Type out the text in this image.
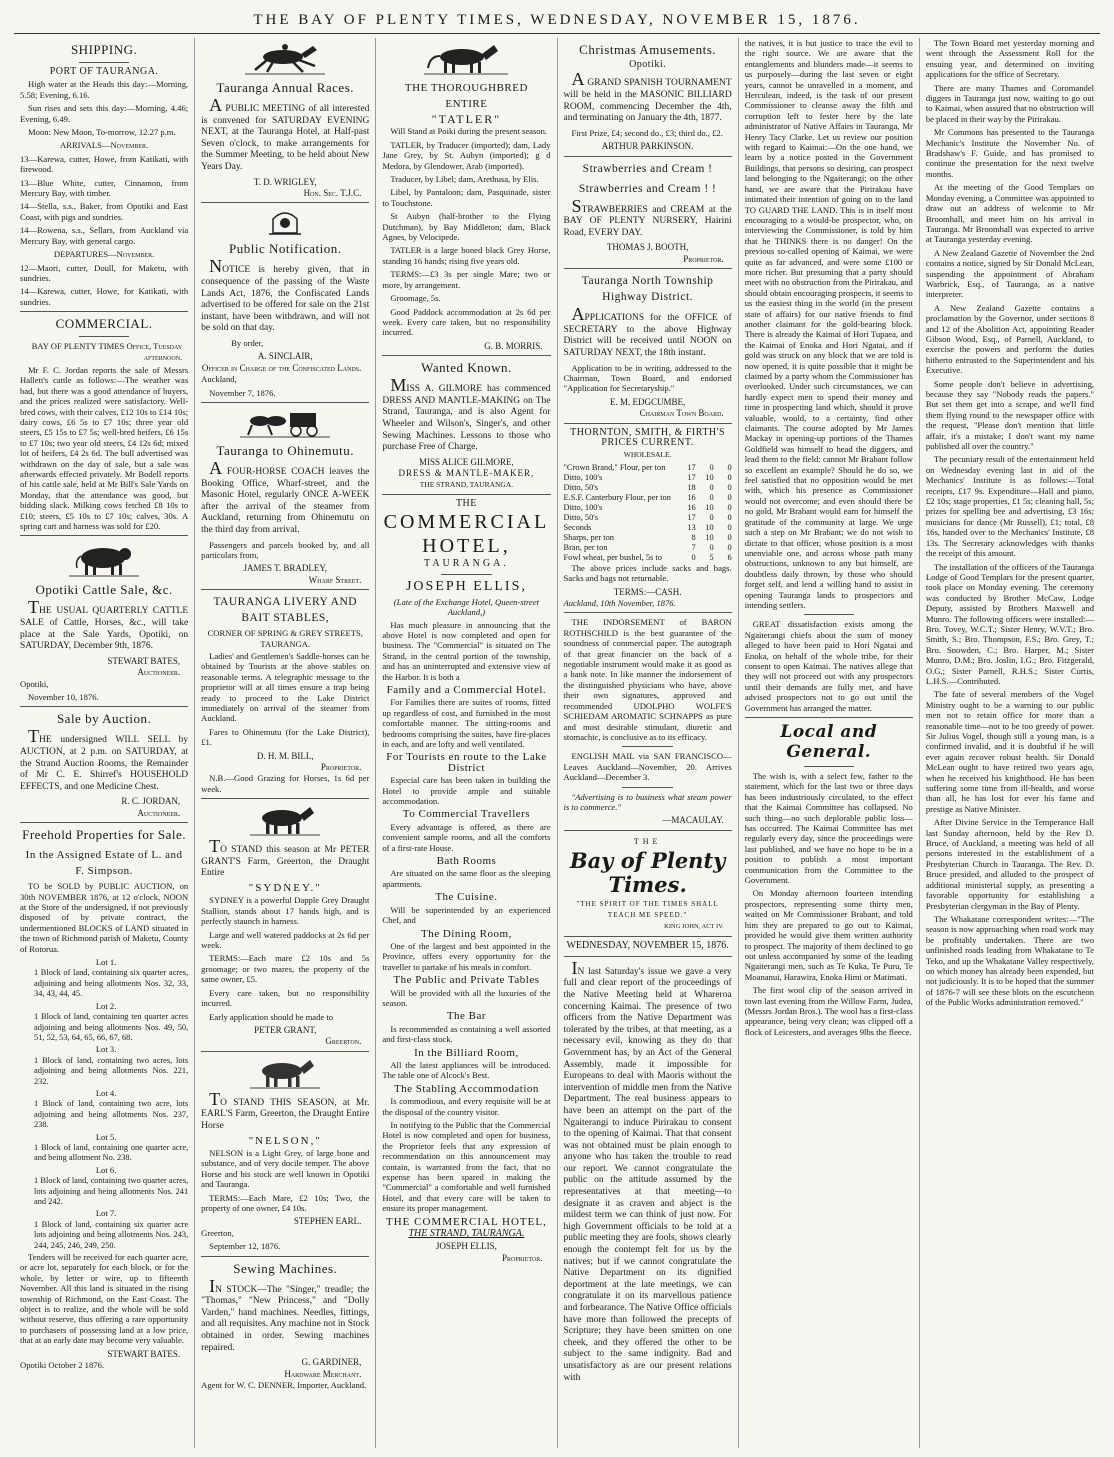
THE BAY OF PLENTY TIMES, WEDNESDAY, NOVEMBER 15, 1876.
SHIPPING.
PORT OF TAURANGA.

High water at the Heads this day:—Morning, 5.58; Evening, 6.16.

Sun rises and sets this day:—Morning, 4.46; Evening, 6.49.

Moon: New Moon, To-morrow, 12.27 p.m.

ARRIVALS—November.

13—Karewa, cutter, Howe, from Katikati, with firewood.

13—Blue White, cutter, Cinnamon, from Mercury Bay, with timber.

14—Stella, s.s., Baker, from Opotiki and East Coast, with pigs and sundries.

14—Rowena, s.s., Sellars, from Auckland via Mercury Bay, with general cargo.

DEPARTURES—November.

12—Maori, cutter, Doull, for Maketu, with sundries.

14—Karewa, cutter, Howe, for Katikati, with sundries.

COMMERCIAL.

BAY OF PLENTY TIMES Office, Tuesday afternoon.

Mr F. C. Jordan reports the sale of Messrs Hallett's cattle as follows:—The weather was bad, but there was a good attendance of buyers, and the prices realized were satisfactory. Well-bred cows, with their calves, £12 10s to £14 10s; dairy cows, £6 5s to £7 10s; three year old steers, £5 15s to £7 5s; well-bred heifers, £6 15s to £7 10s; two year old steers, £4 12s 6d; mixed lot of heifers, £4 2s 6d. The bull advertised was withdrawn on the day of sale, but a sale was afterwards effected privately. Mr Bodell reports of his cattle sale, held at Mr Bill's Sale Yards on Monday, that the attendance was good, but bidding slack. Milking cows fetched £8 10s to £10; steers, £5 10s to £7 10s; calves, 30s. A spring cart and harness was sold for £20.

Opotiki Cattle Sale, &c.

THE USUAL QUARTERLY CATTLE SALE of Cattle, Horses, &c., will take place at the Sale Yards, Opotiki, on SATURDAY, December 9th, 1876.

STEWART BATES,
Auctioneer.

Opotiki,

November 10, 1876.

Sale by Auction.

THE undersigned WILL SELL by AUCTION, at 2 p.m. on SATURDAY, at the Strand Auction Rooms, the Remainder of Mr C. E. Shirref's HOUSEHOLD EFFECTS, and one Medicine Chest.

R. C. JORDAN,
Auctioneer.
Freehold Properties for Sale.
In the Assigned Estate of L. and F. Simpson.

TO be SOLD by PUBLIC AUCTION, on 30th NOVEMBER 1876, at 12 o'clock, NOON at the Store of the undersigned, if not previously disposed of by private contract, the undermentioned BLOCKS of LAND situated in the town of Richmond parish of Maketu, County of Rotorua.

Lot 1.
1 Block of land, containing six quarter acres, adjoining and being allotments Nos. 32, 33, 34, 43, 44, 45.
Lot 2.
1 Block of land, containing ten quarter acres adjoining and being allotments Nos. 49, 50, 51, 52, 53, 64, 65, 66, 67, 68.
Lot 3.
1 Block of land, containing two acres, lots adjoining and being allotments Nos. 221, 232.
Lot 4.
1 Block of land, containing two acre, lots adjoining and being allotments Nos. 237, 238.
Lot 5.
1 Block of land, containing one quarter acre, and being allotment No. 238.
Lot 6.
1 Block of land, containing two quarter acres, lots adjoining and being allotments Nos. 241 and 242.
Lot 7.
1 Block of land, containing six quarter acre lots adjoining and being allotments Nos. 243, 244, 245, 246, 249, 250.

Tenders will be received for each quarter acre, or acre lot, separately for each block, or for the whole, by letter or wire, up to fifteenth November. All this land is situated in the rising township of Richmond, on the East Coast. The object is to realize, and the whole will be sold without reserve, thus offering a rare opportunity to purchasers of possessing land at a low price, that at an early date may become very valuable.

STEWART BATES.

Opotiki October 2 1876.

Tauranga Annual Races.

A PUBLIC MEETING of all interested is convened for SATURDAY EVENING NEXT, at the Tauranga Hotel, at Half-past Seven o'clock, to make arrangements for the Summer Meeting, to be held about New Years Day.

T. D. WRIGLEY,
Hon. Sec. T.J.C.
Public Notification.

NOTICE is hereby given, that in consequence of the passing of the Waste Lands Act, 1876, the Confiscated Lands advertised to be offered for sale on the 21st instant, have been withdrawn, and will not be sold on that day.

By order,

A. SINCLAIR,
Officer in Charge of the Confiscated Lands.

Auckland,

November 7, 1876.

Tauranga to Ohinemutu.

A FOUR-HORSE COACH leaves the Booking Office, Wharf-street, and the Masonic Hotel, regularly ONCE A-WEEK after the arrival of the steamer from Auckland, returning from Ohinemutu on the third day from arrival.

Passengers and parcels booked by, and all particulars from,

JAMES T. BRADLEY,
Wharf Street.
TAURANGA LIVERY AND BAIT STABLES,
CORNER OF SPRING & GREY STREETS, TAURANGA.

Ladies' and Gentlemen's Saddle-horses can be obtained by Tourists at the above stables on reasonable terms. A telegraphic message to the proprietor will at all times ensure a trap being ready to proceed to the Lake District immediately on arrival of the steamer from Auckland.

Fares to Ohinemutu (for the Lake District), £1.

D. H. M. BILL,
Proprietor.

N.B.—Good Grazing for Horses, 1s 6d per week.

TO STAND this season at Mr PETER GRANT'S Farm, Greerton, the Draught Entire

"SYDNEY."

SYDNEY is a powerful Dapple Grey Draught Stallion, stands about 17 hands high, and is perfectly staunch in harness.

Large and well watered paddocks at 2s 6d per week.

TERMS:—Each mare £2 10s and 5s groomage; or two mares, the property of the same owner, £5.

Every care taken, but no responsibility incurred.

Early application should be made to

PETER GRANT,
Greerton.

TO STAND THIS SEASON, at Mr. EARL'S Farm, Greerton, the Draught Entire Horse

"NELSON,"

NELSON is a Light Grey, of large bone and substance, and of very docile temper. The above Horse and his stock are well known in Opotiki and Tauranga.

TERMS:—Each Mare, £2 10s; Two, the property of one owner, £4 10s.

STEPHEN EARL.

Greerton,

September 12, 1876.

Sewing Machines.

IN STOCK—The "Singer," treadle; the "Thomas," "New Princess," and "Dolly Varden," hand machines. Needles, fittings, and all requisites. Any machine not in Stock obtained in order. Sewing machines repaired.

G. GARDINER,
Hardware Merchant.

Agent for W. C. DENNER, Importer, Auckland.

THE THOROUGHBRED ENTIRE
"TATLER"

Will Stand at Poiki during the present season.

TATLER, by Traducer (imported); dam, Lady Jane Grey, by St. Aubyn (imported); g d Medora, by Glendower, Arab (imported).

Traducer, by Libel; dam, Arethusa, by Elis.

Libel, by Pantaloon; dam, Pasquinade, sister to Touchstone.

St Aubyn (half-brother to the Flying Dutchman), by Bay Middleton; dam, Black Agnes, by Velocipede.

TATLER is a large boned black Grey Horse, standing 16 hands; rising five years old.

TERMS:—£3 3s per single Mare; two or more, by arrangement.

Groomage, 5s.

Good Paddock accommodation at 2s 6d per week. Every care taken, but no responsibility incurred.

G. B. MORRIS.
Wanted Known.

MISS A. GILMORE has commenced DRESS AND MANTLE-MAKING on The Strand, Tauranga, and is also Agent for Wheeler and Wilson's, Singer's, and other Sewing Machines. Lessons to those who purchase Free of Charge.

MISS ALICE GILMORE,
DRESS & MANTLE-MAKER,
THE STRAND, TAURANGA.
THE
COMMERCIAL
HOTEL,
TAURANGA.
JOSEPH ELLIS,
(Late of the Exchange Hotel, Queen-street Auckland,)

Has much pleasure in announcing that the above Hotel is now completed and open for business. The "Commercial" is situated on The Strand, in the central portion of the township, and has an uninterrupted and extensive view of the Harbor. It is both a

Family and a Commercial Hotel.

For Families there are suites of rooms, fitted up regardless of cost, and furnished in the most comfortable manner. The sitting-rooms and bedrooms comprising the suites, have fire-places in each, and are lofty and well ventilated.

For Tourists en route to the Lake District

Especial care has been taken in building the Hotel to provide ample and suitable accommodation.

To Commercial Travellers

Every advantage is offered, as there are convenient sample rooms, and all the comforts of a first-rate House.

Bath Rooms

Are situated on the same floor as the sleeping apartments.

The Cuisine.

Will be superintended by an experienced Chef, and

The Dining Room,

One of the largest and best appointed in the Province, offers every opportunity for the traveller to partake of his meals in comfort.

The Public and Private Tables

Will be provided with all the luxuries of the season.

The Bar

Is recommended as containing a well assorted and first-class stock.

In the Billiard Room,

All the latest appliances will be introduced. The table one of Alcock's Best.

The Stabling Accommodation

Is commodious, and every requisite will be at the disposal of the country visitor.

In notifying to the Public that the Commercial Hotel is now completed and open for business, the Proprietor feels that any expression of recommendation on this announcement may contain, is warranted from the fact, that no expense has been spared in making the "Commercial" a comfortable and well furnished Hotel, and that every care will be taken to ensure its proper management.

THE COMMERCIAL HOTEL,
THE STRAND, TAURANGA.
JOSEPH ELLIS,
Proprietor.
Christmas Amusements.
Opotiki.

A GRAND SPANISH TOURNAMENT will be held in the MASONIC BILLIARD ROOM, commencing December the 4th, and terminating on January the 4th, 1877.

First Prize, £4; second do., £3; third do., £2.

ARTHUR PARKINSON.
Strawberries and Cream !
Strawberries and Cream ! !

STRAWBERRIES and CREAM at the BAY OF PLENTY NURSERY, Hairini Road, EVERY DAY.

THOMAS J. BOOTH,
Proprietor.
Tauranga North Township Highway District.

APPLICATIONS for the OFFICE of SECRETARY to the above Highway District will be received until NOON on SATURDAY NEXT, the 18th instant.

Application to be in writing, addressed to the Chairman, Town Board, and endorsed "Application for Secretaryship."

E. M. EDGCUMBE,
Chairman Town Board.
THORNTON, SMITH, & FIRTH'S PRICES CURRENT.
WHOLESALE.
"Crown Brand," Flour, per ton	17	0	0
Ditto, 100's	17	10	0
Ditto, 50's	18	0	0
E.S.F. Canterbury Flour, per ton	16	0	0
Ditto, 100's	16	10	0
Ditto, 50's	17	0	0
Seconds	13	10	0
Sharps, per ton	8	10	0
Bran, per ton	7	0	0
Fowl wheat, per bushel, 5s to	0	5	6

The above prices include sacks and bags. Sacks and bags not returnable.

TERMS:—CASH.

Auckland, 10th November, 1876.

THE INDORSEMENT of BARON ROTHSCHILD is the best guarantee of the soundness of commercial paper. The autograph of that great financier on the back of a negotiable instrument would make it as good as a bank note. In like manner the indorsement of the distinguished physicians who have, above their own signatures, approved and recommended UDOLPHO WOLFE'S SCHIEDAM AROMATIC SCHNAPPS as pure and most desirable stimulant, diuretic and stomachic, is conclusive as to its efficacy.

ENGLISH MAIL via SAN FRANCISCO—Leaves Auckland—November, 20. Arrives Auckland—December 3.

"Advertising is to business what steam power is to commerce."

—MACAULAY.
THE
Bay of Plenty Times.
"THE SPIRIT OF THE TIMES SHALL TEACH ME SPEED."
KING JOHN, ACT IV.
WEDNESDAY, NOVEMBER 15, 1876.

IN last Saturday's issue we gave a very full and clear report of the proceedings of the Native Meeting held at Whareroa concerning Kaimai. The presence of two officers from the Native Department was tolerated by the tribes, at that meeting, as a necessary evil, knowing as they do that Government has, by an Act of the General Assembly, made it impossible for Europeans to deal with Maoris without the intervention of middle men from the Native Department. The real business appears to have been an attempt on the part of the Ngaiterangi to induce Pirirakau to consent to the opening of Kaimai. That that consent was not obtained must be plain enough to anyone who has taken the trouble to read our report. We cannot congratulate the public on the attitude assumed by the representatives at that meeting—to designate it as craven and abject is the mildest term we can think of just now. For high Government officials to be told at a public meeting they are fools, shows clearly enough the contempt felt for us by the natives; but if we cannot congratulate the Native Department on its dignified deportment at the late meetings, we can congratulate it on its marvellous patience and forbearance. The Native Office officials have more than followed the precepts of Scripture; they have been smitten on one cheek, and they offered the other to be subject to the same indignity. Bad and unsatisfactory as are our present relations with

the natives, it is but justice to trace the evil to the right source. We are aware that the entanglements and blunders made—it seems to us purposely—during the last seven or eight years, cannot be unravelled in a moment, and Herculean, indeed, is the task of our present Commissioner to cleanse away the filth and corruption left to fester here by the late administrator of Native Affairs in Tauranga, Mr Henry Tacy Clarke. Let us review our position with regard to Kaimai:—On the one hand, we learn by a notice posted in the Government Buildings, that persons so desiring, can prospect land belonging to the Ngaiterangi; on the other hand, we are aware that the Pirirakau have intimated their intention of going on to the land TO GUARD THE LAND. This is in itself most encouraging to a would-be prospector, who, on interviewing the Commissioner, is told by him that he THINKS there is no danger! On the previous so-called opening of Kaimai, we were quite as far advanced, and were some £100 or more richer. But presuming that a party should meet with no obstruction from the Pirirakau, and should obtain encouraging prospects, it seems to us the easiest thing in the world (in the present state of affairs) for our native friends to find another claimant for the gold-bearing block. There is already the Kaimai of Hori Tupaea, and the Kaimai of Enoka and Hori Ngatai, and if gold was struck on any block that we are told is now opened, it is quite possible that it might be claimed by a party whom the Commissioner has overlooked. Under such circumstances, we can hardly expect men to spend their money and time in prospecting land which, should it prove valuable, would, to a certainty, find other claimants. The course adopted by Mr James Mackay in opening-up portions of the Thames Goldfield was himself to head the diggers, and lead them to the field: cannot Mr Brabant follow so excellent an example? Should he do so, we feel satisfied that no opposition would be met with, which his presence as Commissioner would not overcome; and even should there be no gold, Mr Brabant would earn for himself the gratitude of the community at large. We urge such a step on Mr Brabant; we do not wish to dictate to that officer, whose position is a most unenviable one, and across whose path many obstructions, unknown to any but himself, are doubtless daily thrown, by those who should forget self, and lend a willing hand to assist in opening Tauranga lands to prospectors and intending settlers.

GREAT dissatisfaction exists among the Ngaiterangi chiefs about the sum of money alleged to have been paid to Hori Ngatai and Enoka, on behalf of the whole tribe, for their consent to open Kaimai. The natives allege that they will not proceed out with any prospectors until their demands are fully met, and have advised prospectors not to go out until the Government has arranged the matter.

Local and General.

The wish is, with a select few, father to the statement, which for the last two or three days has been industriously circulated, to the effect that the Kaimai Committee has collapsed. No such thing—no such deplorable public loss—has occurred. The Kaimai Committee has met regularly every day, since the proceedings were last published, and we have no hope to be in a position to publish a most important communication from the Committee to the Government.

On Monday afternoon fourteen intending prospectors, representing some thirty men, waited on Mr Commissioner Brabant, and told him they are prepared to go out to Kaimai, provided he would give them written authority to prospect. The majority of them declined to go out unless accompanied by some of the leading Ngaiterangi men, such as Te Kuka, Te Puru, Te Moananui, Harawira, Enoka Himi or Matimati.

The first wool clip of the season arrived in town last evening from the Willow Farm, Judea, (Messrs Jordan Bros.). The wool has a first-class appearance, being very clean; was clipped off a flock of Leicesters, and averages 9lbs the fleece.

The Town Board met yesterday morning and went through the Assessment Roll for the ensuing year, and determined on inviting applications for the office of Secretary.

There are many Thames and Coromandel diggers in Tauranga just now, waiting to go out to Kaimai, when assured that no obstruction will be placed in their way by the Pirirakau.

Mr Commons has presented to the Tauranga Mechanic's Institute the November No. of Bradshaw's F. Guide, and has promised to continue the presentation for the next twelve months.

At the meeting of the Good Templars on Monday evening, a Committee was appointed to draw out an address of welcome to Mr Broomhall, and meet him on his arrival in Tauranga. Mr Broomhall was expected to arrive at Tauranga yesterday evening.

A New Zealand Gazette of November the 2nd contains a notice, signed by Sir Donald McLean, suspending the appointment of Abraham Warbrick, Esq., of Tauranga, as a native interpreter.

A New Zealand Gazette contains a proclamation by the Governor, under sections 8 and 12 of the Abolition Act, appointing Reader Gibson Wood, Esq., of Parnell, Auckland, to exercise the powers and perform the duties hitherto entrusted to the Superintendent and his Executive.

Some people don't believe in advertising, because they say "Nobody reads the papers." But set them get into a scrape, and we'll find them flying round to the newspaper office with the request, "Please don't mention that little affair, it's a mistake; I don't want my name published all over the country."

The pecuniary result of the entertainment held on Wednesday evening last in aid of the Mechanics' Institute is as follows:—Total receipts, £17 9s. Expenditure—Hall and piano, £2 10s; stage properties, £1 5s; cleaning hall, 5s; prizes for spelling bee and advertising, £3 16s; musicians for dance (Mr Russell), £1; total, £8 16s, handed over to the Mechanics' Institute, £8 13s. The Secretary acknowledges with thanks the receipt of this amount.

The installation of the officers of the Tauranga Lodge of Good Templars for the present quarter, took place on Monday evening. The ceremony was conducted by Brother McCaw, Lodge Deputy, assisted by Brothers Maxwell and Munro. The following officers were installed:—Bro. Tovey, W.C.T.; Sister Henry, W.V.T.; Bro. Smith, S.; Bro. Thompson, F.S.; Bro. Grey, T.; Bro. Snowden, C.; Bro. Harper, M.; Sister Munro, D.M.; Bro. Joslin, I.G.; Bro. Fitzgerald, O.G.; Sister Parnell, R.H.S.; Sister Curtis, L.H.S.—Contributed.

The fate of several members of the Vogel Ministry ought to be a warning to our public men not to retain office for more than a reasonable time—not to be too greedy of power. Sir Julius Vogel, though still a young man, is a confirmed invalid, and it is doubtful if he will ever again recover robust health. Sir Donald McLean ought to have retired two years ago, when he received his knighthood. He has been suffering some time from ill-health, and worse than all, he has lost for ever his fame and prestige as Native Minister.

After Divine Service in the Temperance Hall last Sunday afternoon, held by the Rev D. Bruce, of Auckland, a meeting was held of all persons interested in the establishment of a Presbyterian Church in Tauranga. The Rev. D. Bruce presided, and alluded to the prospect of additional ministerial supply, as presenting a favorable opportunity for establishing a Presbyterian clergyman in the Bay of Plenty.

The Whakatane correspondent writes:—"The season is now approaching when road work may be profitably undertaken. There are two unfinished roads leading from Whakatane to Te Teko, and up the Whakatane Valley respectively, on which money has already been expended, but not judiciously. It is to be hoped that the summer of 1876-7 will see these blots on the escutcheon of the Public Works administration removed."
